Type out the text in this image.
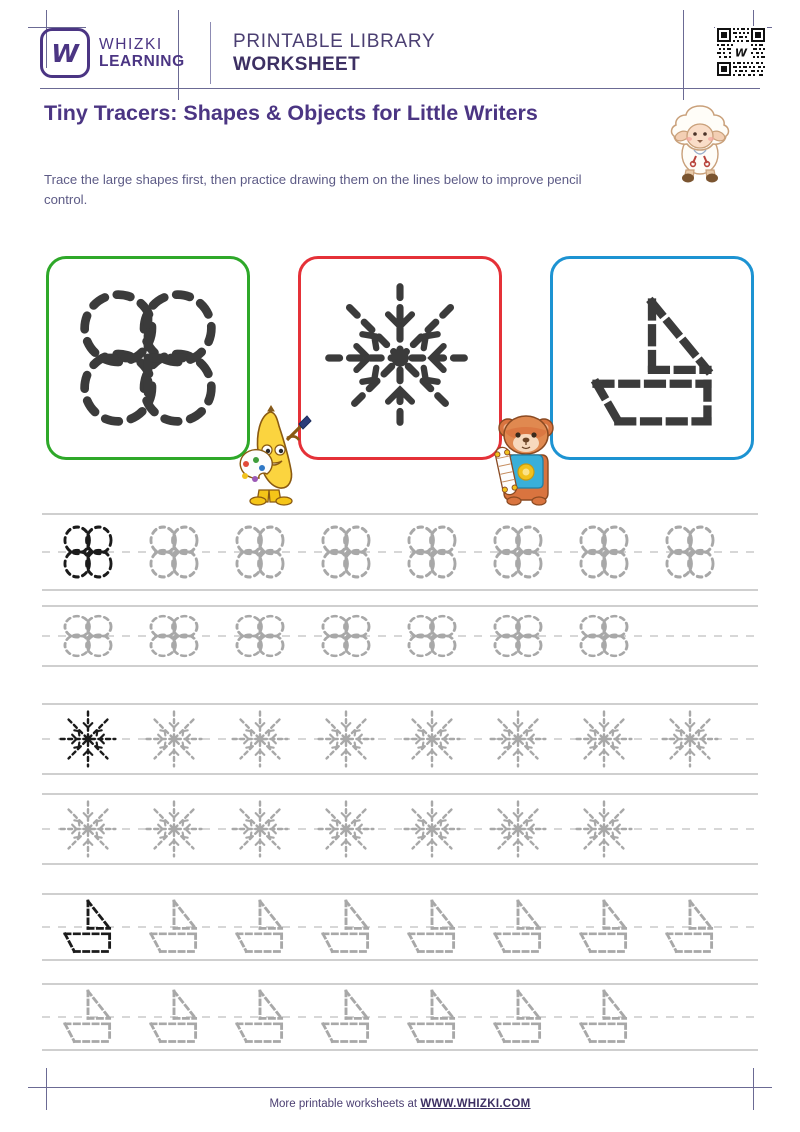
W WHIZKI
LEARNING
PRINTABLE LIBRARY
WORKSHEET
W
Tiny Tracers: Shapes & Objects for Little Writers
Trace the large shapes first, then practice drawing them on the lines below to improve pencil control.
More printable worksheets at WWW.WHIZKI.COM
